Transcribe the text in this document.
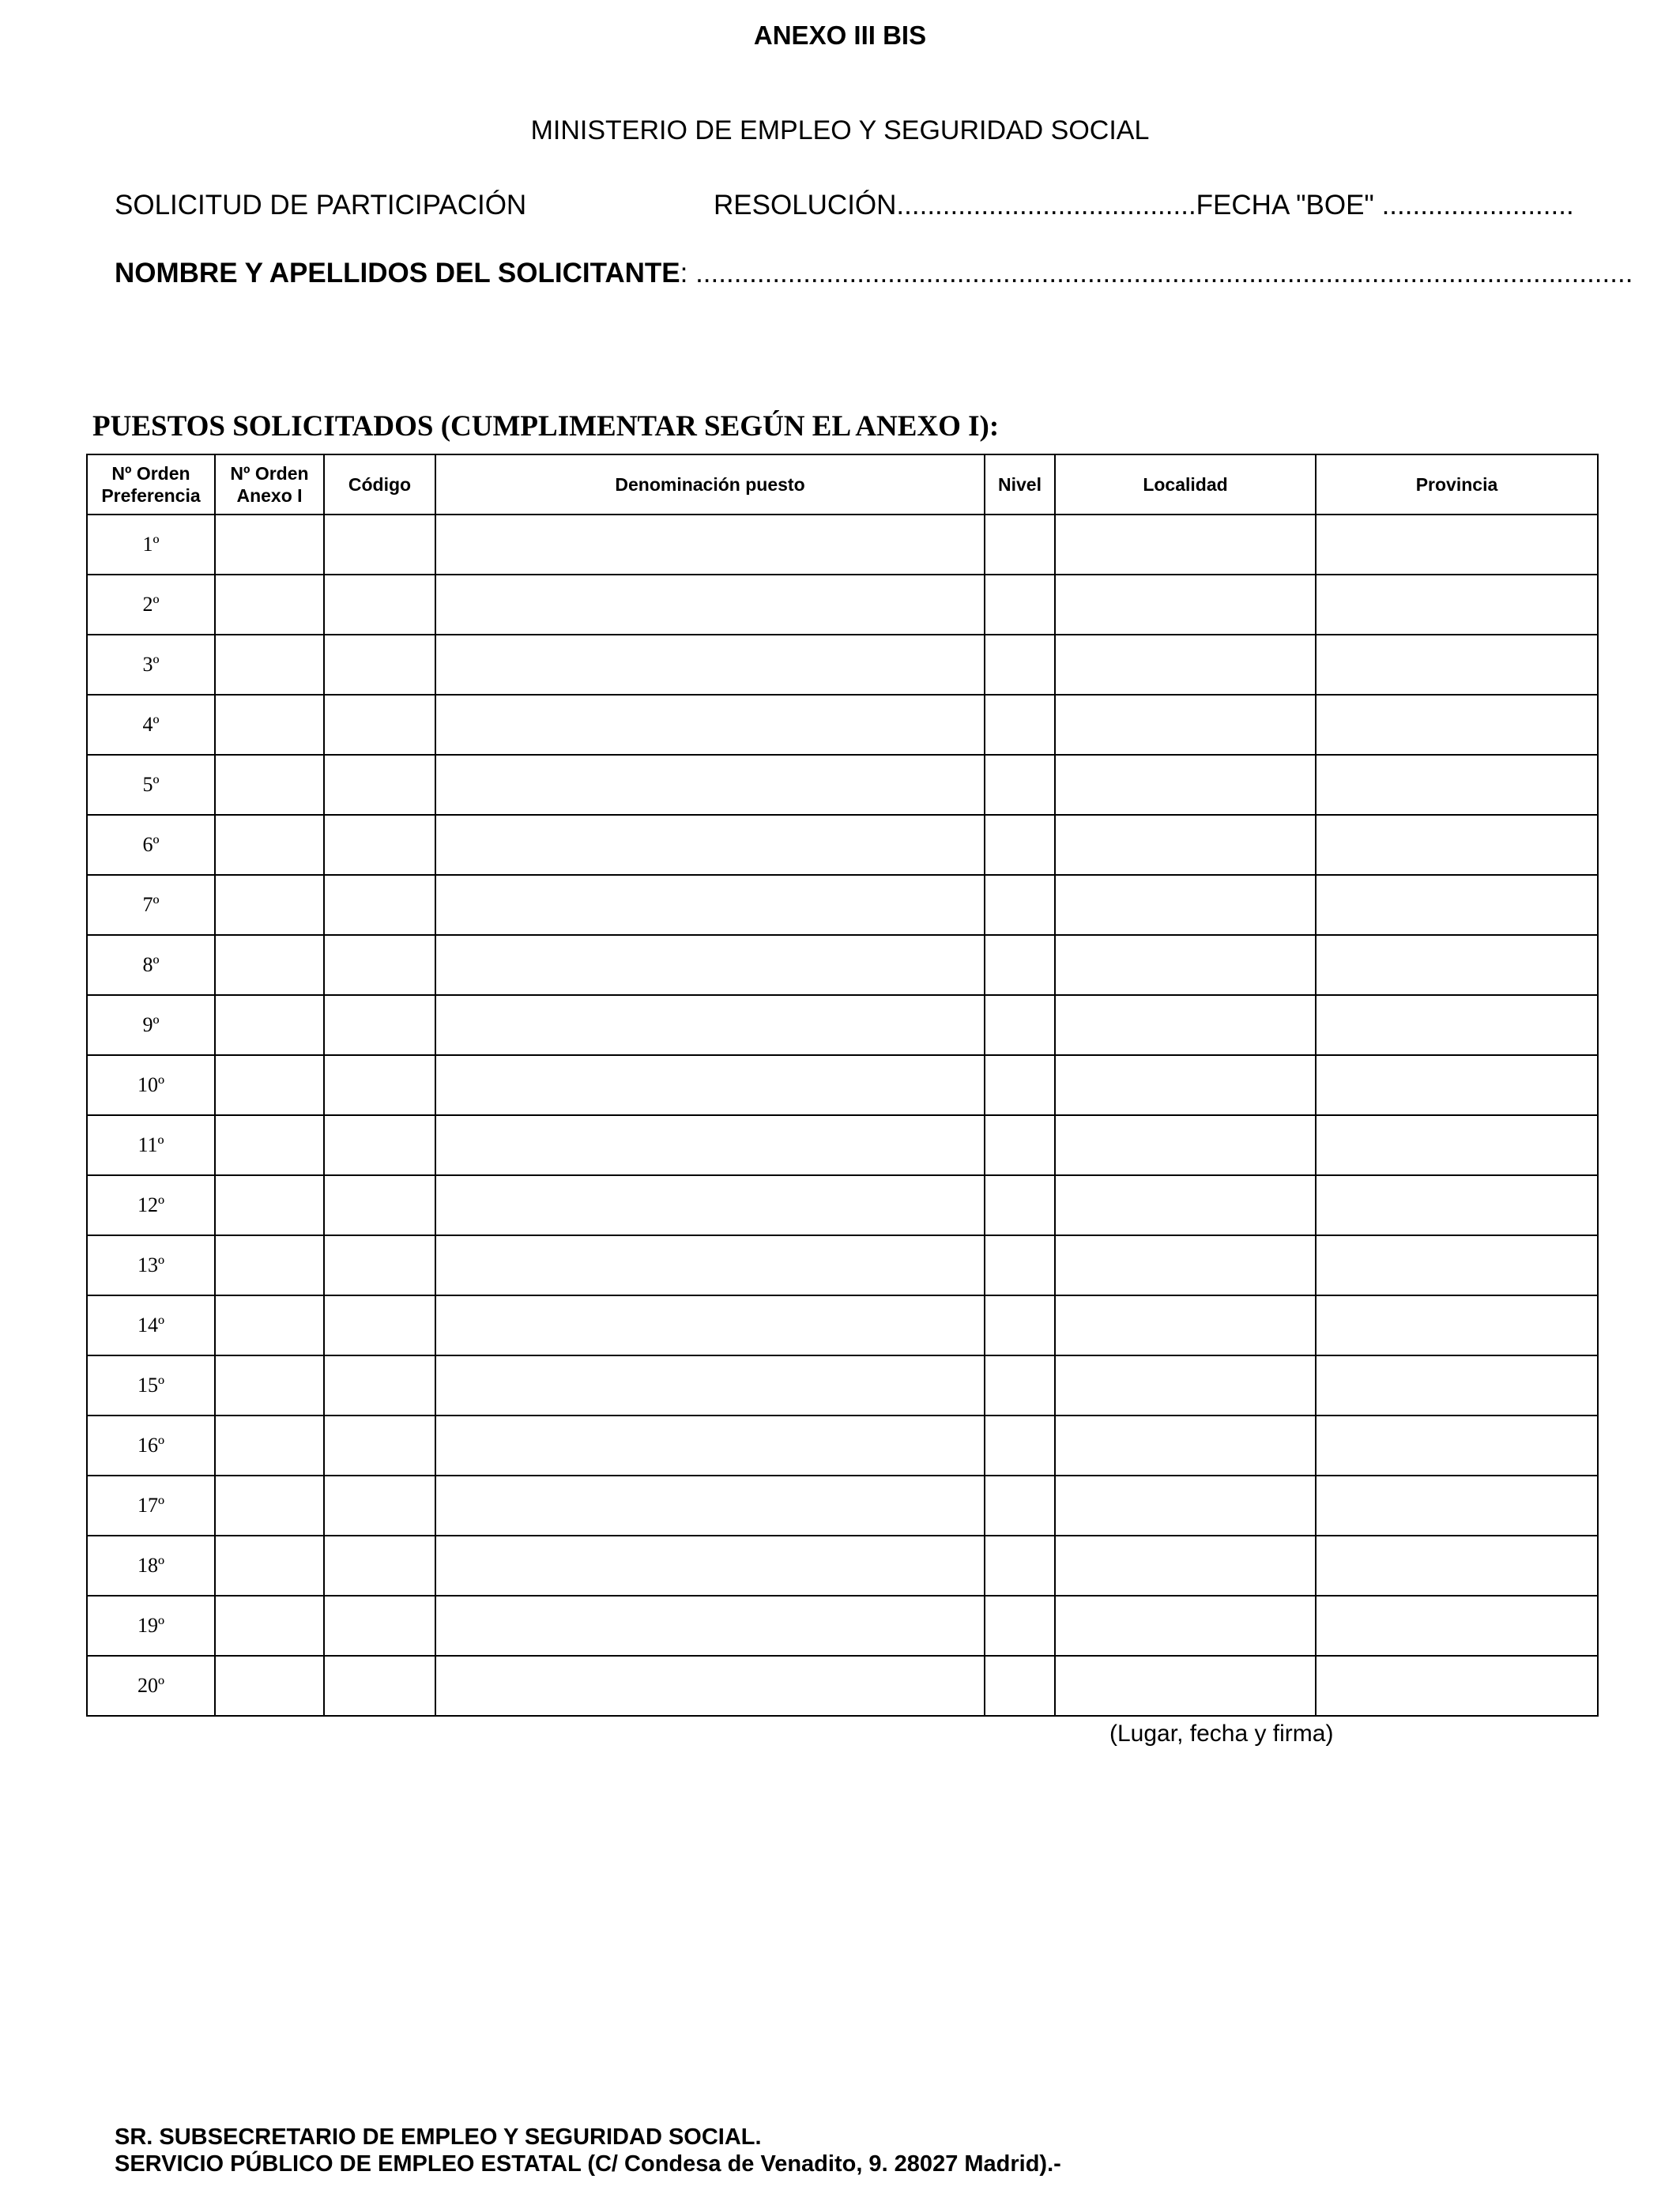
ANEXO III BIS
MINISTERIO DE EMPLEO Y SEGURIDAD SOCIAL
SOLICITUD DE PARTICIPACIÓN	RESOLUCIÓN.......................................FECHA "BOE" .........................
NOMBRE Y APELLIDOS DEL SOLICITANTE: ..........................................................................................................................
PUESTOS SOLICITADOS (CUMPLIMENTAR SEGÚN EL ANEXO I):
Nº Orden
Preferencia	Nº Orden
Anexo I	Código	Denominación puesto	Nivel	Localidad	Provincia
1º						
2º						
3º						
4º						
5º						
6º						
7º						
8º						
9º						
10º						
11º						
12º						
13º						
14º						
15º						
16º						
17º						
18º						
19º						
20º						
(Lugar, fecha y firma)
SR. SUBSECRETARIO DE EMPLEO Y SEGURIDAD SOCIAL.
SERVICIO PÚBLICO DE EMPLEO ESTATAL (C/ Condesa de Venadito, 9. 28027 Madrid).-
